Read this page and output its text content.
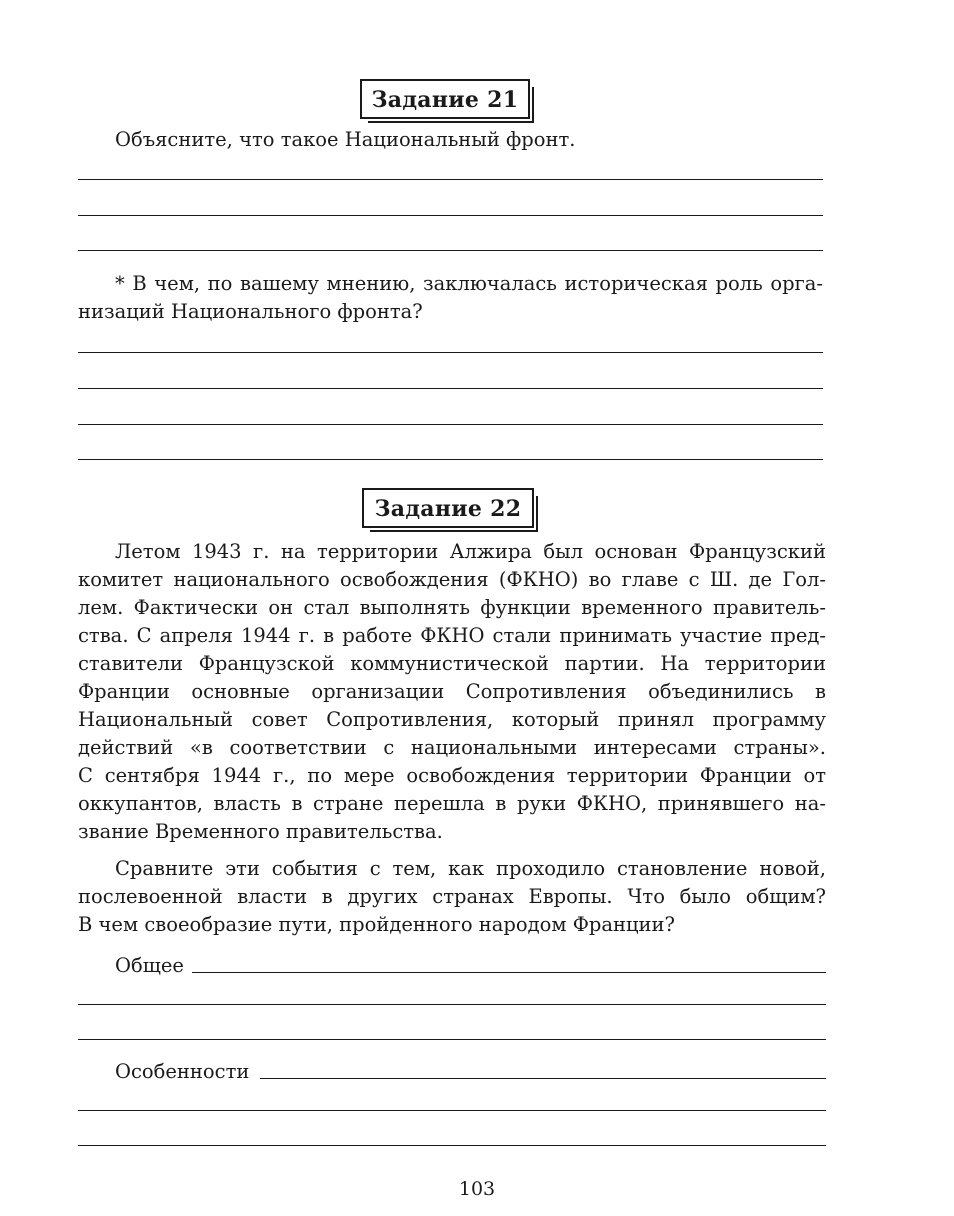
Задание 21
Объясните, что такое Национальный фронт.
* В чем, по вашему мнению, заключалась историческая роль орга-
низаций Национального фронта?
Задание 22
Летом 1943 г. на территории Алжира был основан Французский
комитет национального освобождения (ФКНО) во главе с Ш. де Гол-
лем. Фактически он стал выполнять функции временного правитель-
ства. С апреля 1944 г. в работе ФКНО стали принимать участие пред-
ставители Французской коммунистической партии. На территории
Франции основные организации Сопротивления объединились в
Национальный совет Сопротивления, который принял программу
действий «в соответствии с национальными интересами страны».
С сентября 1944 г., по мере освобождения территории Франции от
оккупантов, власть в стране перешла в руки ФКНО, принявшего на-
звание Временного правительства.
Сравните эти события с тем, как проходило становление новой,
послевоенной власти в других странах Европы. Что было общим?
В чем своеобразие пути, пройденного народом Франции?
Общее
Особенности
103
